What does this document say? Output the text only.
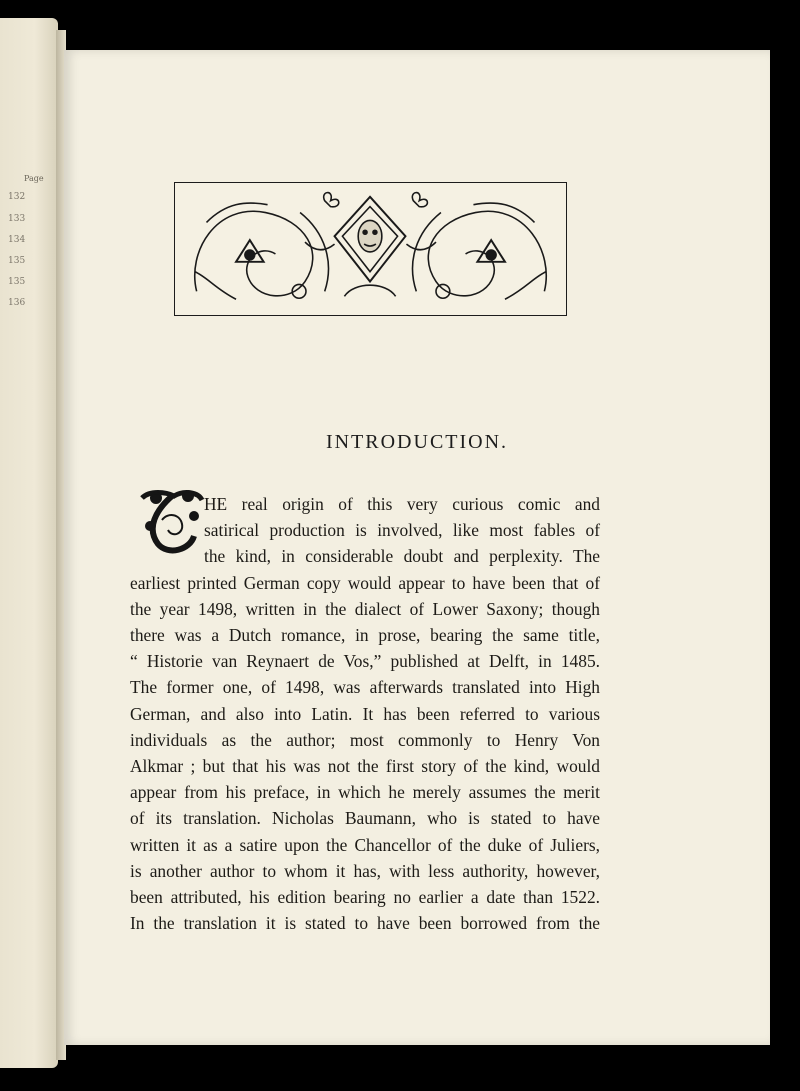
Page
132
133
134
135
135
136
INTRODUCTION.
HE real origin of this very curious comic and
satirical production is involved, like most fables of
the kind, in considerable doubt and perplexity. The
earliest printed German copy would appear to have been that of
the year 1498, written in the dialect of Lower Saxony; though
there was a Dutch romance, in prose, bearing the same title,
“ Historie van Reynaert de Vos,” published at Delft, in 1485.
The former one, of 1498, was afterwards translated into High
German, and also into Latin. It has been referred to various
individuals as the author; most commonly to Henry Von
Alkmar ; but that his was not the first story of the kind, would
appear from his preface, in which he merely assumes the merit
of its translation. Nicholas Baumann, who is stated to have
written it as a satire upon the Chancellor of the duke of Juliers,
is another author to whom it has, with less authority, however,
been attributed, his edition bearing no earlier a date than 1522.
In the translation it is stated to have been borrowed from the
